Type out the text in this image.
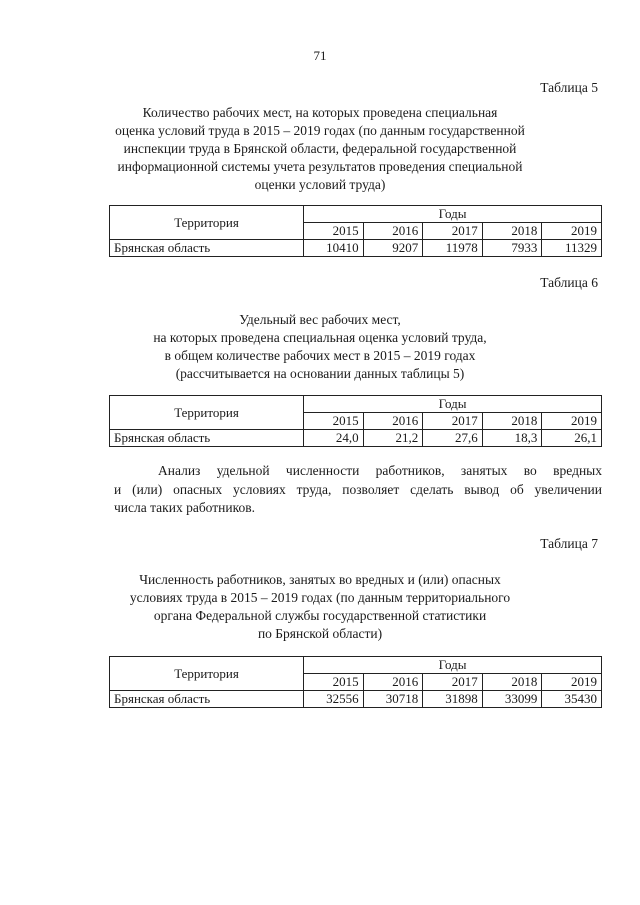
71
Таблица 5
Количество рабочих мест, на которых проведена специальная
оценка условий труда в 2015 – 2019 годах (по данным государственной
инспекции труда в Брянской области, федеральной государственной
информационной системы учета результатов проведения специальной
оценки условий труда)
Территория	Годы				
	2015	2016	2017	2018	2019
Брянская область	10410	9207	11978	7933	11329
Таблица 6
Удельный вес рабочих мест,
на которых проведена специальная оценка условий труда,
в общем количестве рабочих мест в 2015 – 2019 годах
(рассчитывается на основании данных таблицы 5)
Территория	Годы				
	2015	2016	2017	2018	2019
Брянская область	24,0	21,2	27,6	18,3	26,1
Анализ удельной численности работников, занятых во вредных
и (или) опасных условиях труда, позволяет сделать вывод об увеличении
числа таких работников.
Таблица 7
Численность работников, занятых во вредных и (или) опасных
условиях труда в 2015 – 2019 годах (по данным территориального
органа Федеральной службы государственной статистики
по Брянской области)
Территория	Годы				
	2015	2016	2017	2018	2019
Брянская область	32556	30718	31898	33099	35430
